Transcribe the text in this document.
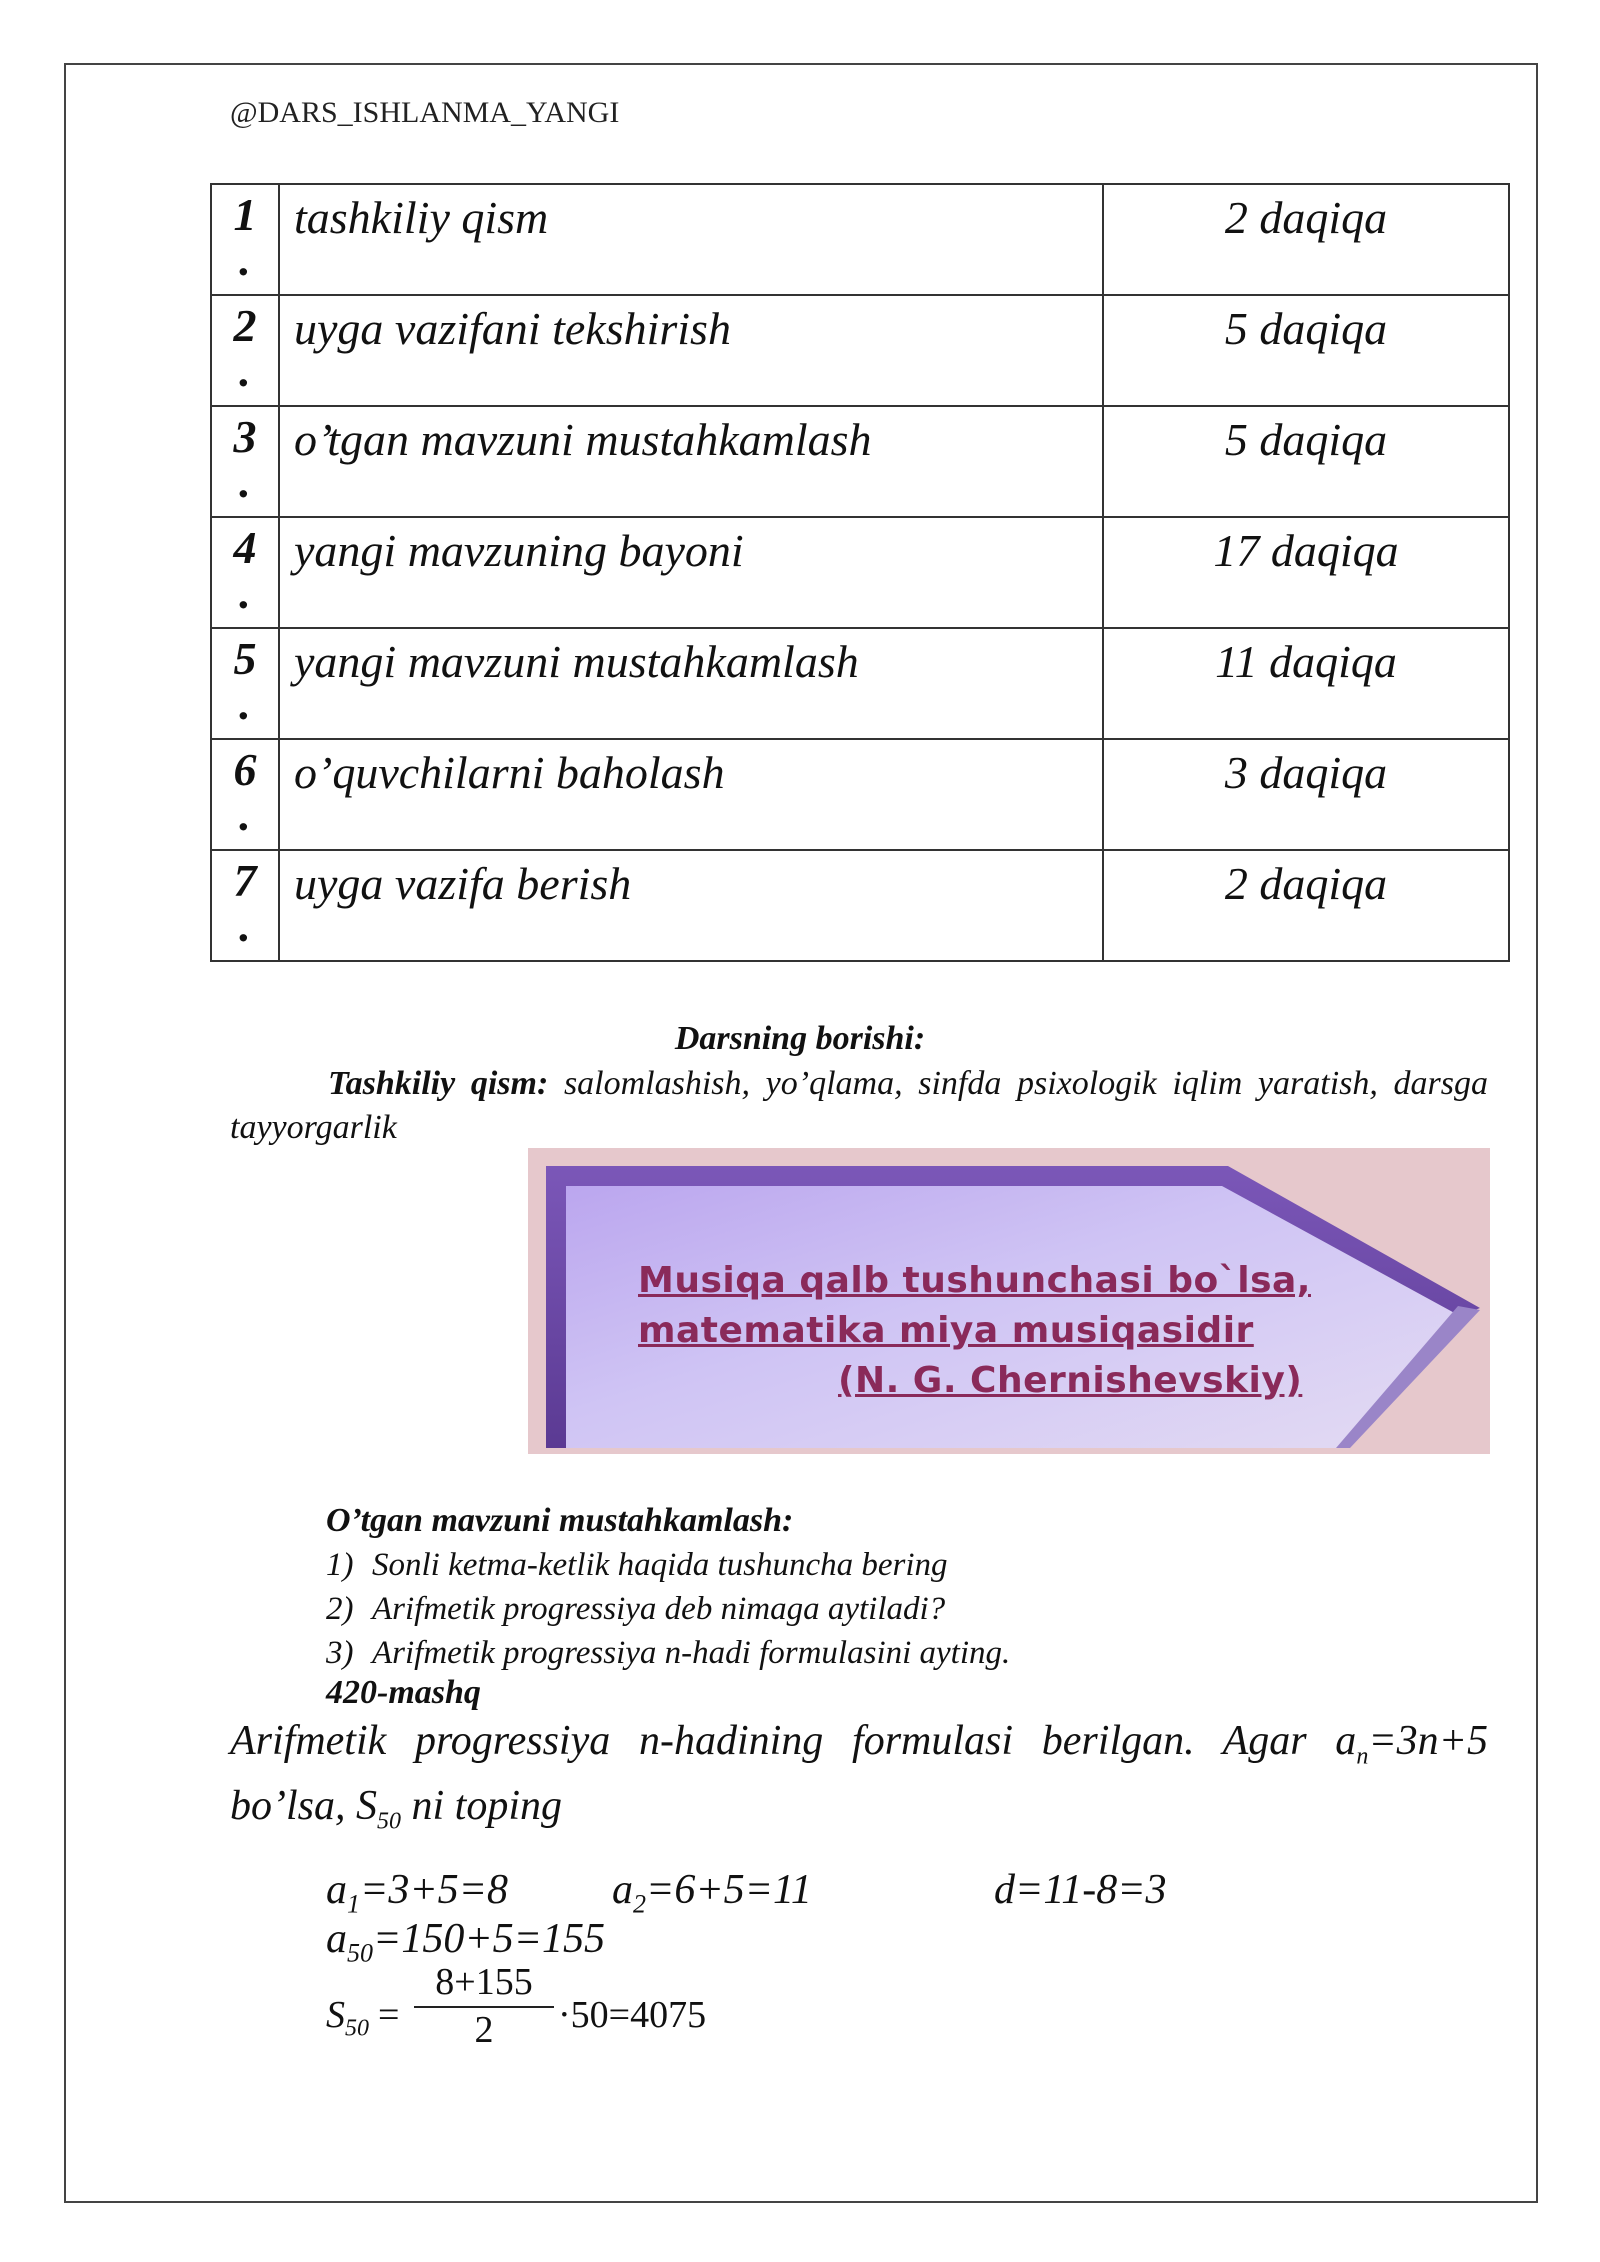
@DARS_ISHLANMA_YANGI
1
.	tashkiliy qism	2 daqiqa

2
.	uyga vazifani tekshirish	5 daqiqa

3
.	o’tgan mavzuni mustahkamlash	5 daqiqa

4
.	yangi mavzuning bayoni	17 daqiqa

5
.	yangi mavzuni mustahkamlash	11 daqiqa

6
.	o’quvchilarni baholash	3 daqiqa

7
.	uyga vazifa berish	2 daqiqa
Darsning borishi:
Tashkiliy qism: salomlashish, yo’qlama, sinfda psixologik iqlim yaratish, darsga tayyorgarlik
Musiqa qalb tushunchasi bo`lsa,
matematika miya musiqasidir
(N. G. Chernishevskiy)
O’tgan mavzuni mustahkamlash:
1) Sonli ketma-ketlik haqida tushuncha bering
2) Arifmetik progressiya deb nimaga aytiladi?
3) Arifmetik progressiya n-hadi formulasini ayting.
420-mashq
Arifmetik progressiya n-hadining formulasi berilgan. Agar $a_n=3n+5$ bo’lsa, $S_{50}$ ni toping
$a_1=3+5=8$ $a_2=6+5=11$	d=11-8=3
$a_{50}=150+5=155$
$S_{50} = \frac{8+155}{2} \cdot 50=4075$
